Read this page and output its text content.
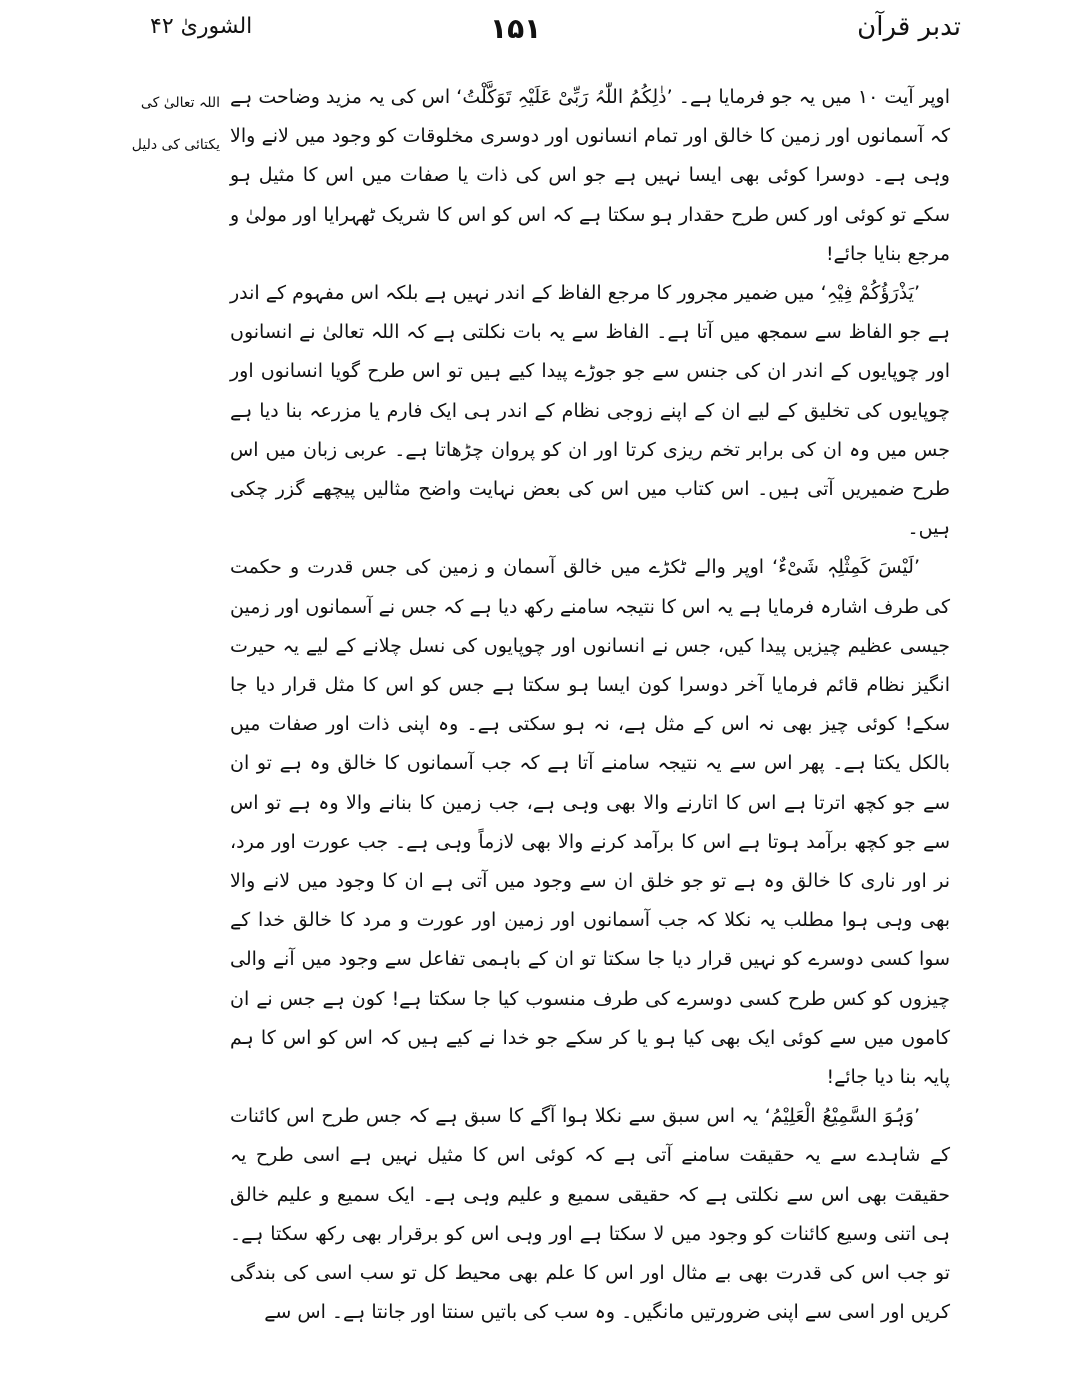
الشوریٰ ۴۲	۱۵۱	تدبر قرآن
اللہ تعالیٰ کی
یکتائی کی دلیل

اوپر آیت ۱۰ میں یہ جو فرمایا ہے۔ ’ذٰلِکُمُ اللّٰہُ رَبِّیْ عَلَیْہِ تَوَکَّلْتُ‘ اس کی یہ مزید وضاحت ہے کہ آسمانوں اور زمین کا خالق اور تمام انسانوں اور دوسری مخلوقات کو وجود میں لانے والا وہی ہے۔ دوسرا کوئی بھی ایسا نہیں ہے جو اس کی ذات یا صفات میں اس کا مثیل ہو سکے تو کوئی اور کس طرح حقدار ہو سکتا ہے کہ اس کو اس کا شریک ٹھہرایا اور مولیٰ و مرجع بنایا جائے!

’یَذْرَؤُکُمْ فِیْہِ‘ میں ضمیر مجرور کا مرجع الفاظ کے اندر نہیں ہے بلکہ اس مفہوم کے اندر ہے جو الفاظ سے سمجھ میں آتا ہے۔ الفاظ سے یہ بات نکلتی ہے کہ اللہ تعالیٰ نے انسانوں اور چوپایوں کے اندر ان کی جنس سے جو جوڑے پیدا کیے ہیں تو اس طرح گویا انسانوں اور چوپایوں کی تخلیق کے لیے ان کے اپنے زوجی نظام کے اندر ہی ایک فارم یا مزرعہ بنا دیا ہے جس میں وہ ان کی برابر تخم ریزی کرتا اور ان کو پروان چڑھاتا ہے۔ عربی زبان میں اس طرح ضمیریں آتی ہیں۔ اس کتاب میں اس کی بعض نہایت واضح مثالیں پیچھے گزر چکی ہیں۔

’لَیْسَ کَمِثْلِہٖ شَیْءٌ‘ اوپر والے ٹکڑے میں خالق آسمان و زمین کی جس قدرت و حکمت کی طرف اشارہ فرمایا ہے یہ اس کا نتیجہ سامنے رکھ دیا ہے کہ جس نے آسمانوں اور زمین جیسی عظیم چیزیں پیدا کیں، جس نے انسانوں اور چوپایوں کی نسل چلانے کے لیے یہ حیرت انگیز نظام قائم فرمایا آخر دوسرا کون ایسا ہو سکتا ہے جس کو اس کا مثل قرار دیا جا سکے! کوئی چیز بھی نہ اس کے مثل ہے، نہ ہو سکتی ہے۔ وہ اپنی ذات اور صفات میں بالکل یکتا ہے۔ پھر اس سے یہ نتیجہ سامنے آتا ہے کہ جب آسمانوں کا خالق وہ ہے تو ان سے جو کچھ اترتا ہے اس کا اتارنے والا بھی وہی ہے، جب زمین کا بنانے والا وہ ہے تو اس سے جو کچھ برآمد ہوتا ہے اس کا برآمد کرنے والا بھی لازماً وہی ہے۔ جب عورت اور مرد، نر اور ناری کا خالق وہ ہے تو جو خلق ان سے وجود میں آتی ہے ان کا وجود میں لانے والا بھی وہی ہوا مطلب یہ نکلا کہ جب آسمانوں اور زمین اور عورت و مرد کا خالق خدا کے سوا کسی دوسرے کو نہیں قرار دیا جا سکتا تو ان کے باہمی تفاعل سے وجود میں آنے والی چیزوں کو کس طرح کسی دوسرے کی طرف منسوب کیا جا سکتا ہے! کون ہے جس نے ان کاموں میں سے کوئی ایک بھی کیا ہو یا کر سکے جو خدا نے کیے ہیں کہ اس کو اس کا ہم پایہ بنا دیا جائے!

’وَہُوَ السَّمِیْعُ الْعَلِیْمُ‘ یہ اس سبق سے نکلا ہوا آگے کا سبق ہے کہ جس طرح اس کائنات کے شاہدے سے یہ حقیقت سامنے آتی ہے کہ کوئی اس کا مثیل نہیں ہے اسی طرح یہ حقیقت بھی اس سے نکلتی ہے کہ حقیقی سمیع و علیم وہی ہے۔ ایک سمیع و علیم خالق ہی اتنی وسیع کائنات کو وجود میں لا سکتا ہے اور وہی اس کو برقرار بھی رکھ سکتا ہے۔ تو جب اس کی قدرت بھی بے مثال اور اس کا علم بھی محیط کل تو سب اسی کی بندگی کریں اور اسی سے اپنی ضرورتیں مانگیں۔ وہ سب کی باتیں سنتا اور جانتا ہے۔ اس سے
